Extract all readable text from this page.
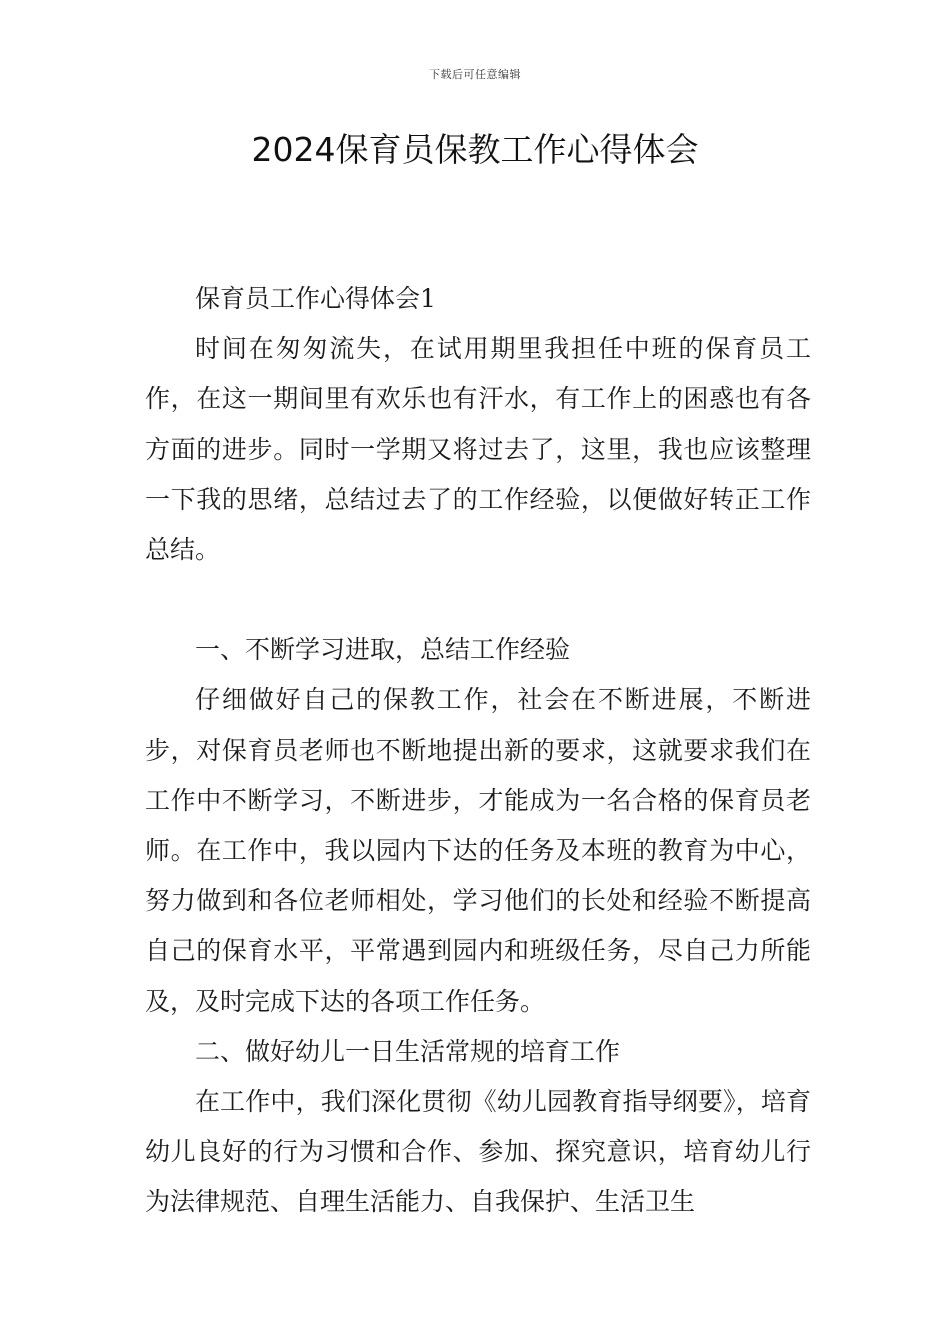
下载后可任意编辑
2024保育员保教工作心得体会

保育员工作心得体会1

时间在匆匆流失，在试用期里我担任中班的保育员工作，在这一期间里有欢乐也有汗水，有工作上的困惑也有各方面的进步。同时一学期又将过去了，这里，我也应该整理一下我的思绪，总结过去了的工作经验，以便做好转正工作总结。

一、不断学习进取，总结工作经验

仔细做好自己的保教工作，社会在不断进展，不断进步，对保育员老师也不断地提出新的要求，这就要求我们在工作中不断学习，不断进步，才能成为一名合格的保育员老师。在工作中，我以园内下达的任务及本班的教育为中心，努力做到和各位老师相处，学习他们的长处和经验不断提高自己的保育水平，平常遇到园内和班级任务，尽自己力所能及，及时完成下达的各项工作任务。

二、做好幼儿一日生活常规的培育工作

在工作中，我们深化贯彻《幼儿园教育指导纲要》，培育幼儿良好的行为习惯和合作、参加、探究意识，培育幼儿行为法律规范、自理生活能力、自我保护、生活卫生
